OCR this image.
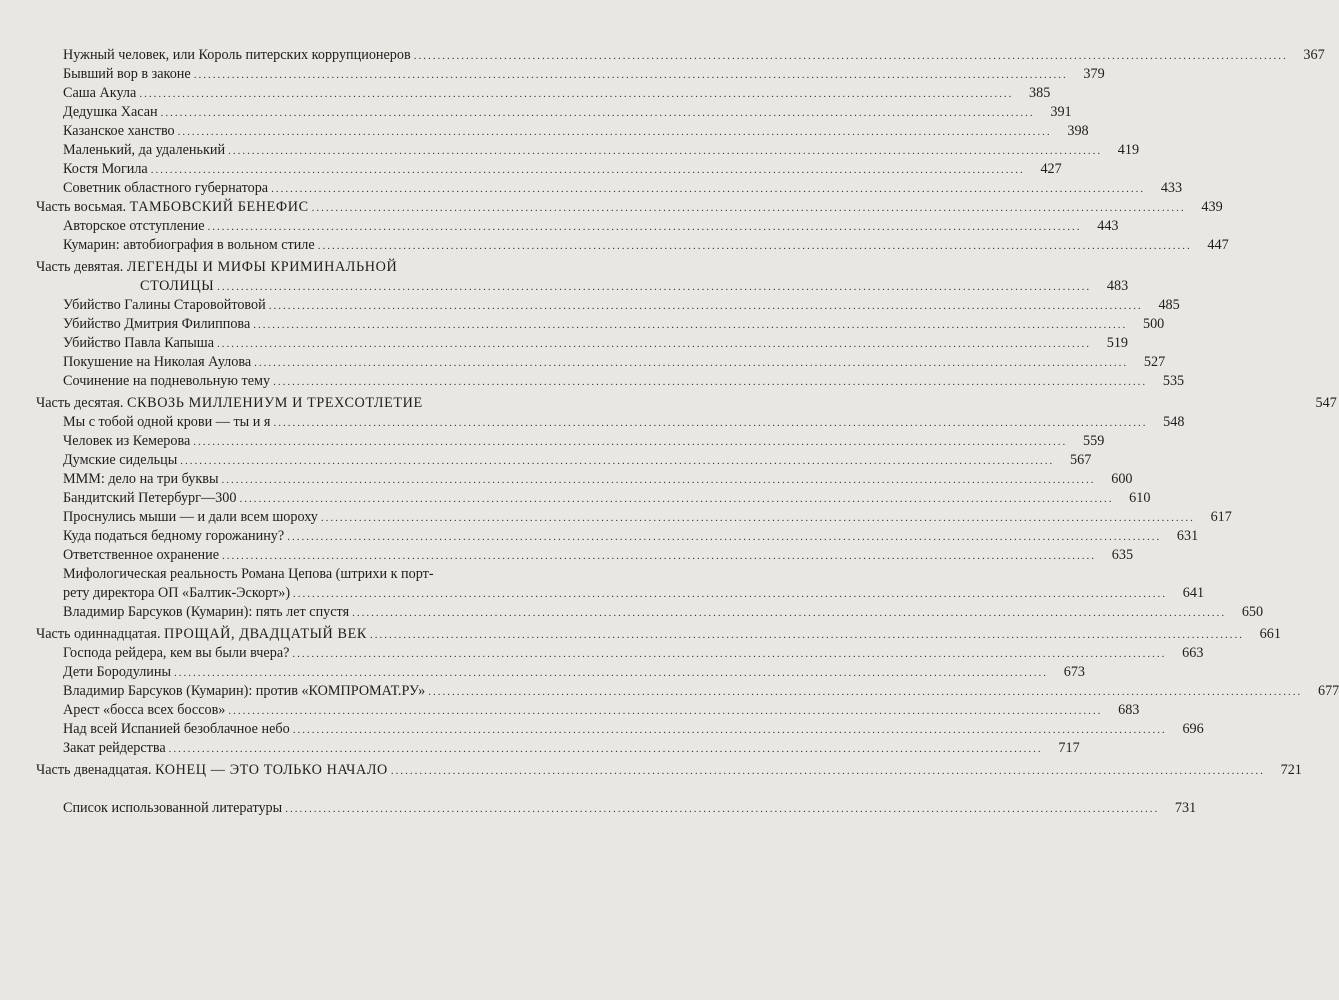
Нужный человек, или Король питерских коррупционеров .....	367
Бывший вор в законе .....	379
Саша Акула .....	385
Дедушка Хасан .....	391
Казанское ханство .....	398
Маленький, да удаленький .....	419
Костя Могила .....	427
Советник областного губернатора .....	433
Часть восьмая. ТАМБОВСКИЙ БЕНЕФИС .....	439
Авторское отступление .....	443
Кумарин: автобиография в вольном стиле .....	447
Часть девятая. ЛЕГЕНДЫ И МИФЫ КРИМИНАЛЬНОЙ
СТОЛИЦЫ .....	483
Убийство Галины Старовойтовой .....	485
Убийство Дмитрия Филиппова .....	500
Убийство Павла Капыша .....	519
Покушение на Николая Аулова .....	527
Сочинение на подневольную тему .....	535
Часть десятая. СКВОЗЬ МИЛЛЕНИУМ И ТРЕХСОТЛЕТИЕ	547
Мы с тобой одной крови — ты и я .....	548
Человек из Кемерова .....	559
Думские сидельцы .....	567
МММ: дело на три буквы .....	600
Бандитский Петербург—300 .....	610
Проснулись мыши — и дали всем шороху .....	617
Куда податься бедному горожанину? .....	631
Ответственное охранение .....	635
Мифологическая реальность Романа Цепова (штрихи к порт-
рету директора ОП «Балтик-Эскорт») .....	641
Владимир Барсуков (Кумарин): пять лет спустя .....	650
Часть одиннадцатая. ПРОЩАЙ, ДВАДЦАТЫЙ ВЕК .....	661
Господа рейдера, кем вы были вчера? .....	663
Дети Бородулины .....	673
Владимир Барсуков (Кумарин): против «КОМПРОМАТ.РУ» .....	677
Арест «босса всех боссов» .....	683
Над всей Испанией безоблачное небо .....	696
Закат рейдерства .....	717
Часть двенадцатая. КОНЕЦ — ЭТО ТОЛЬКО НАЧАЛО .....	721
Список использованной литературы .....	731
